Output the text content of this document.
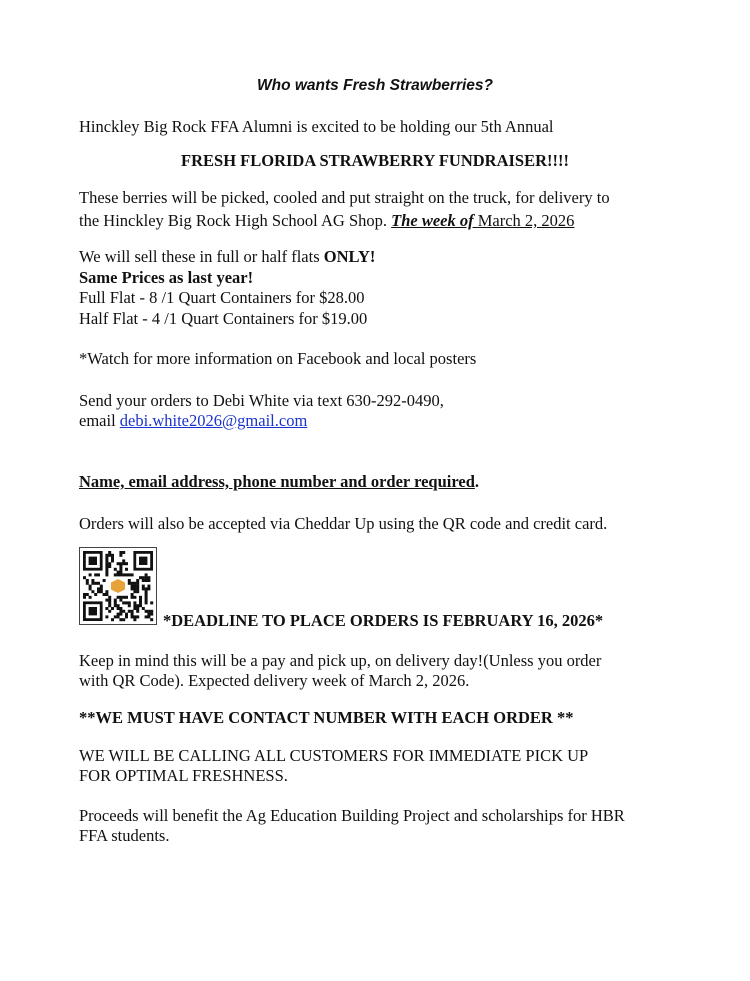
Who wants Fresh Strawberries?
Hinckley Big Rock FFA Alumni is excited to be holding our 5th Annual
FRESH FLORIDA STRAWBERRY FUNDRAISER!!!!
These berries will be picked, cooled and put straight on the truck, for delivery to
the Hinckley Big Rock High School AG Shop. The week of March 2, 2026
We will sell these in full or half flats ONLY!
Same Prices as last year!
Full Flat - 8 /1 Quart Containers for $28.00
Half Flat - 4 /1 Quart Containers for $19.00
*Watch for more information on Facebook and local posters
Send your orders to Debi White via text 630-292-0490,
email debi.white2026@gmail.com
Name, email address, phone number and order required.
Orders will also be accepted via Cheddar Up using the QR code and credit card.
*DEADLINE TO PLACE ORDERS IS FEBRUARY 16, 2026*
Keep in mind this will be a pay and pick up, on delivery day!(Unless you order
with QR Code). Expected delivery week of March 2, 2026.
**WE MUST HAVE CONTACT NUMBER WITH EACH ORDER **
WE WILL BE CALLING ALL CUSTOMERS FOR IMMEDIATE PICK UP
FOR OPTIMAL FRESHNESS.
Proceeds will benefit the Ag Education Building Project and scholarships for HBR
FFA students.
